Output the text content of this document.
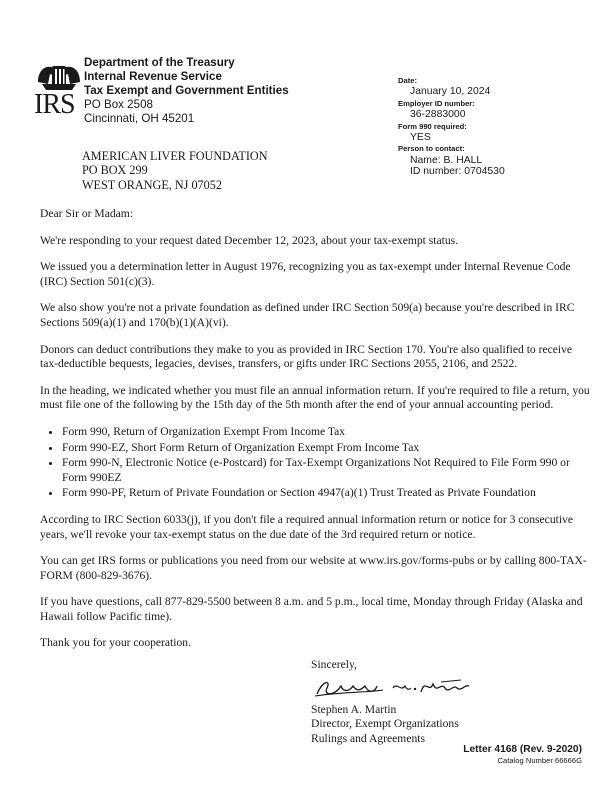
IRS
Department of the Treasury
Internal Revenue Service
Tax Exempt and Government Entities
PO Box 2508
Cincinnati, OH 45201
Date:
January 10, 2024
Employer ID number:
36-2883000
Form 990 required:
YES
Person to contact:
Name: B. HALL
ID number: 0704530
AMERICAN LIVER FOUNDATION
PO BOX 299
WEST ORANGE, NJ 07052

Dear Sir or Madam:

We're responding to your request dated December 12, 2023, about your tax-exempt status.

We issued you a determination letter in August 1976, recognizing you as tax-exempt under Internal Revenue Code (IRC) Section 501(c)(3).

We also show you're not a private foundation as defined under IRC Section 509(a) because you're described in IRC Sections 509(a)(1) and 170(b)(1)(A)(vi).

Donors can deduct contributions they make to you as provided in IRC Section 170. You're also qualified to receive tax-deductible bequests, legacies, devises, transfers, or gifts under IRC Sections 2055, 2106, and 2522.

In the heading, we indicated whether you must file an annual information return. If you're required to file a return, you must file one of the following by the 15th day of the 5th month after the end of your annual accounting period.

• Form 990, Return of Organization Exempt From Income Tax
• Form 990-EZ, Short Form Return of Organization Exempt From Income Tax
• Form 990-N, Electronic Notice (e-Postcard) for Tax-Exempt Organizations Not Required to File Form 990 or Form 990EZ
• Form 990-PF, Return of Private Foundation or Section 4947(a)(1) Trust Treated as Private Foundation

According to IRC Section 6033(j), if you don't file a required annual information return or notice for 3 consecutive years, we'll revoke your tax-exempt status on the due date of the 3rd required return or notice.

You can get IRS forms or publications you need from our website at www.irs.gov/forms-pubs or by calling 800-TAX-FORM (800-829-3676).

If you have questions, call 877-829-5500 between 8 a.m. and 5 p.m., local time, Monday through Friday (Alaska and Hawaii follow Pacific time).

Thank you for your cooperation.

Sincerely,
Stephen A. Martin
Director, Exempt Organizations
Rulings and Agreements
Letter 4168 (Rev. 9-2020)
Catalog Number 66666G
